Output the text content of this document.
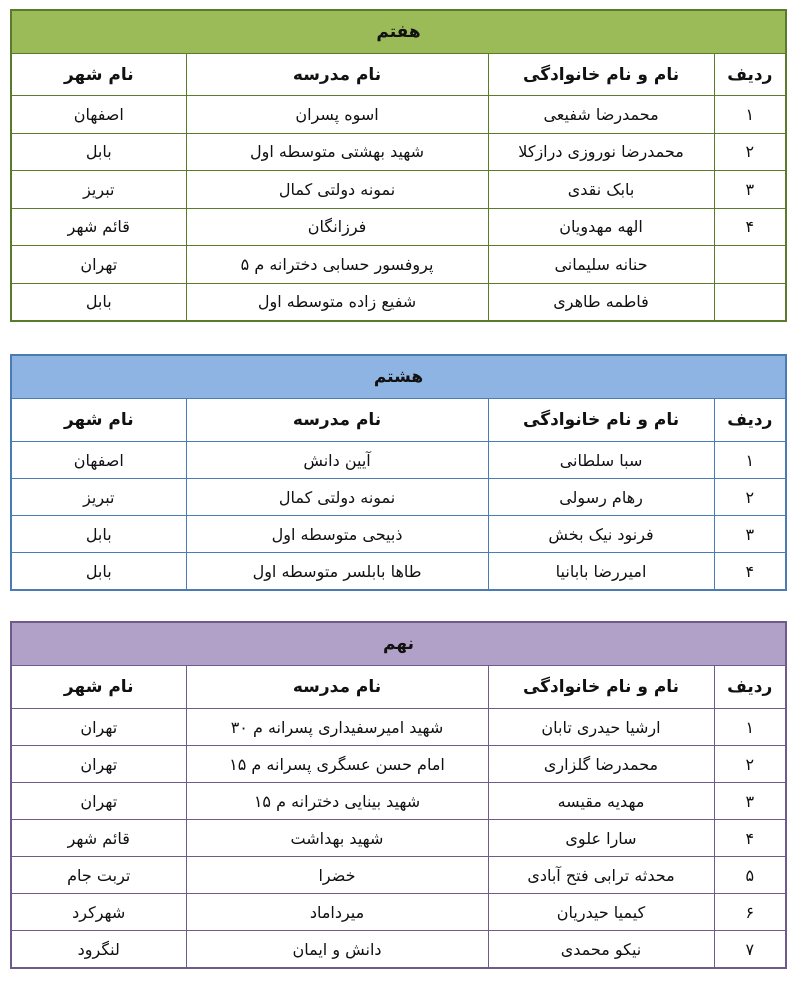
هفتم			
ردیف	نام و نام خانوادگی	نام مدرسه	نام شهر
۱	محمدرضا شفیعی	اسوه پسران	اصفهان
۲	محمدرضا نوروزی درازکلا	شهید بهشتی متوسطه اول	بابل
۳	بابک نقدی	نمونه دولتی کمال	تبریز
۴	الهه مهدویان	فرزانگان	قائم شهر
	حنانه سلیمانی	پروفسور حسابی دخترانه م ۵	تهران
	فاطمه طاهری	شفیع زاده متوسطه اول	بابل
هشتم			
ردیف	نام و نام خانوادگی	نام مدرسه	نام شهر
۱	سبا سلطانی	آیین دانش	اصفهان
۲	رهام رسولی	نمونه دولتی کمال	تبریز
۳	فرنود نیک بخش	ذبیحی متوسطه اول	بابل
۴	امیررضا بابانیا	طاها بابلسر متوسطه اول	بابل
نهم			
ردیف	نام و نام خانوادگی	نام مدرسه	نام شهر
۱	ارشیا حیدری تابان	شهید امیرسفیداری پسرانه م ۳۰	تهران
۲	محمدرضا گلزاری	امام حسن عسگری پسرانه م ۱۵	تهران
۳	مهدیه مقیسه	شهید بینایی دخترانه م ۱۵	تهران
۴	سارا علوی	شهید بهداشت	قائم شهر
۵	محدثه ترابی فتح آبادی	خضرا	تربت جام
۶	کیمیا حیدریان	میرداماد	شهرکرد
۷	نیکو محمدی	دانش و ایمان	لنگرود
